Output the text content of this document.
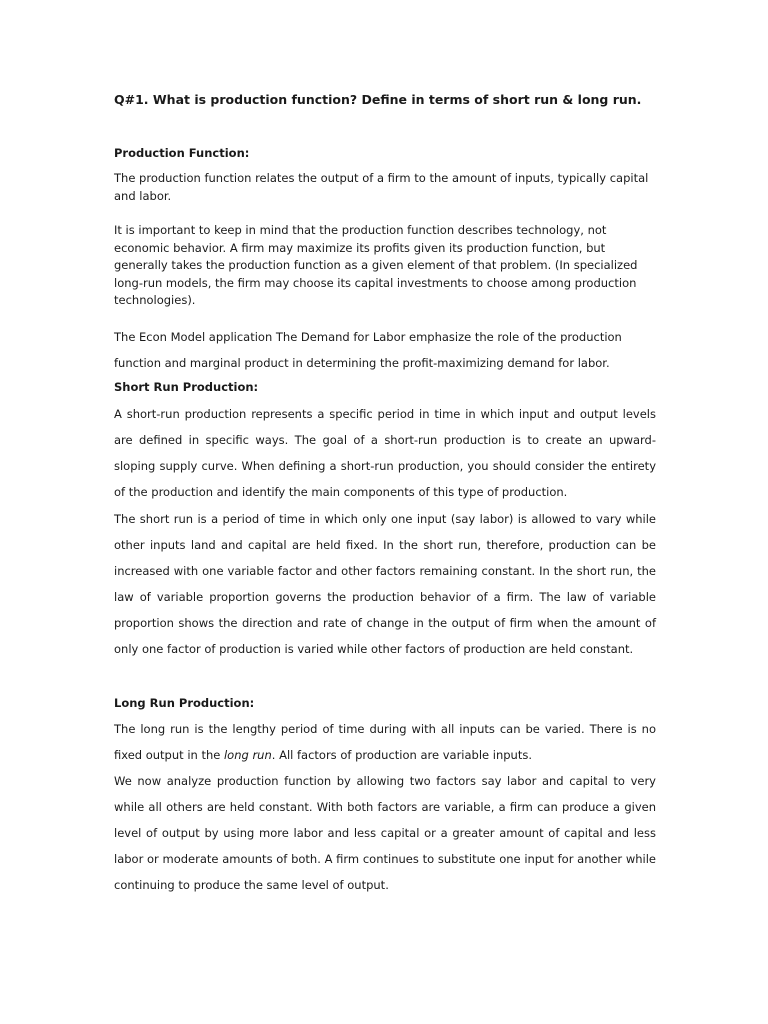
Q#1. What is production function? Define in terms of short run & long run.
Production Function:

The production function relates the output of a firm to the amount of inputs, typically capital and labor.

It is important to keep in mind that the production function describes technology, not economic behavior. A firm may maximize its profits given its production function, but generally takes the production function as a given element of that problem. (In specialized long-run models, the firm may choose its capital investments to choose among production technologies).

The Econ Model application The Demand for Labor emphasize the role of the production function and marginal product in determining the profit-maximizing demand for labor.

Short Run Production:

A short-run production represents a specific period in time in which input and output levels are defined in specific ways. The goal of a short-run production is to create an upward-sloping supply curve. When defining a short-run production, you should consider the entirety of the production and identify the main components of this type of production.

The short run is a period of time in which only one input (say labor) is allowed to vary while other inputs land and capital are held fixed. In the short run, therefore, production can be increased with one variable factor and other factors remaining constant. In the short run, the law of variable proportion governs the production behavior of a firm. The law of variable proportion shows the direction and rate of change in the output of firm when the amount of only one factor of production is varied while other factors of production are held constant.

Long Run Production:

The long run is the lengthy period of time during with all inputs can be varied. There is no fixed output in the long run. All factors of production are variable inputs.

We now analyze production function by allowing two factors say labor and capital to very while all others are held constant. With both factors are variable, a firm can produce a given level of output by using more labor and less capital or a greater amount of capital and less labor or moderate amounts of both. A firm continues to substitute one input for another while continuing to produce the same level of output.
